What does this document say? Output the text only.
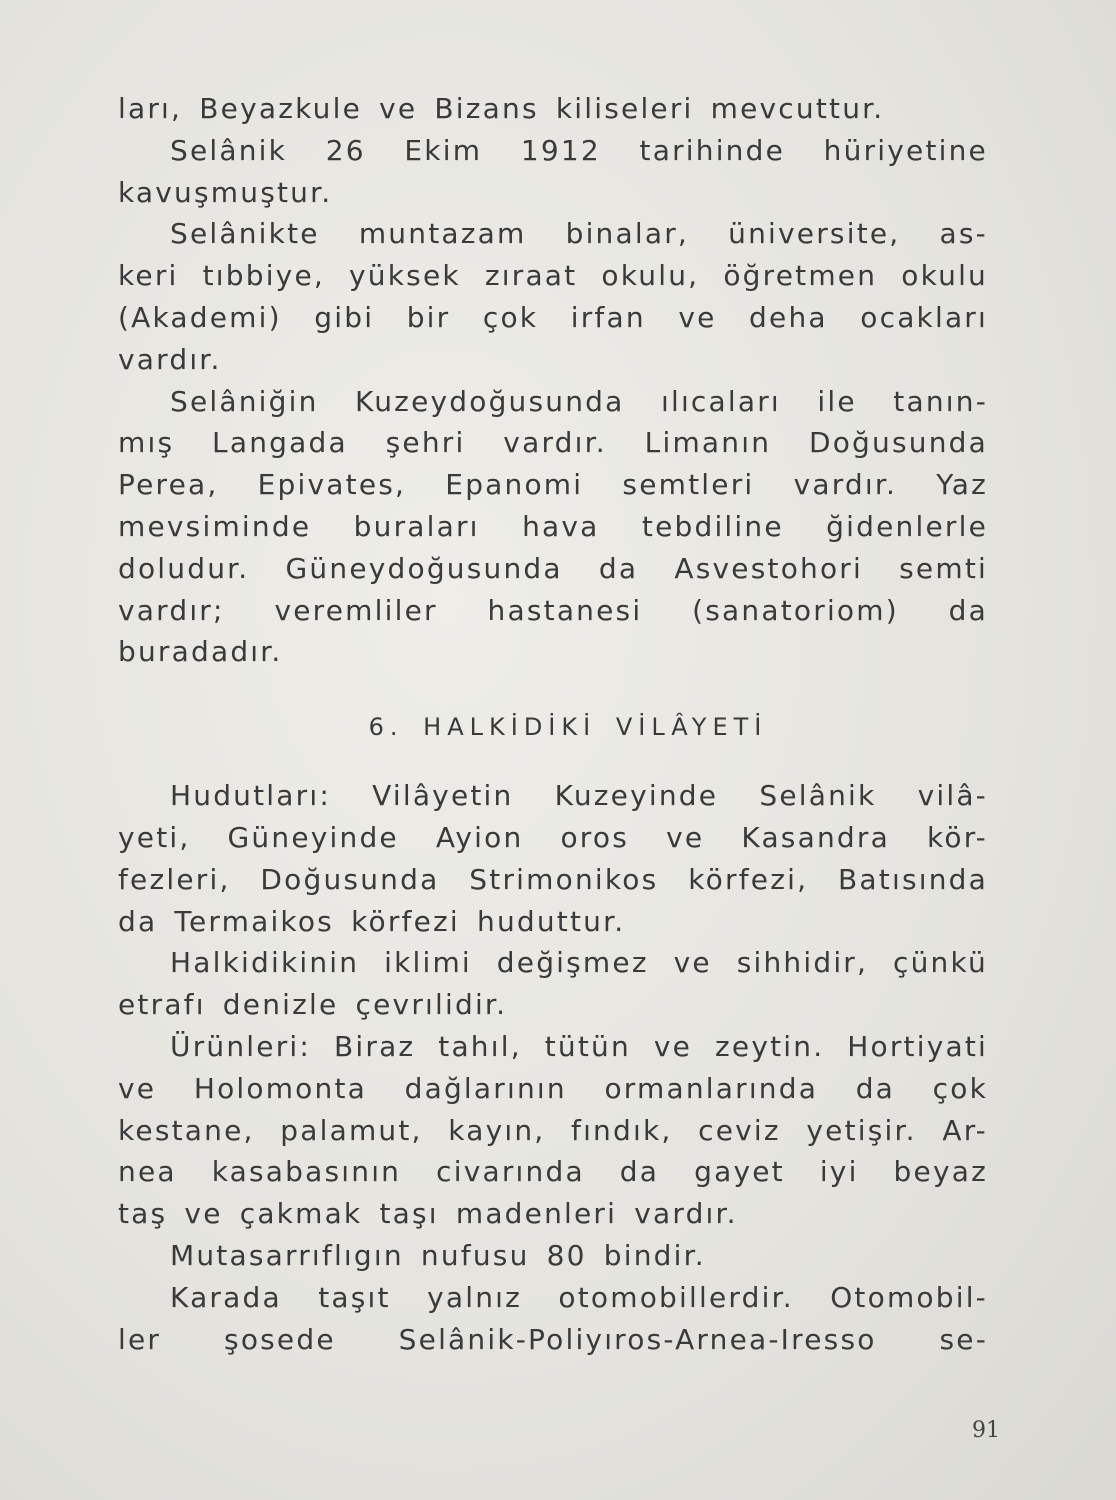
ları, Beyazkule ve Bizans kiliseleri mevcuttur.
Selânik 26 Ekim 1912 tarihinde hüriyetine
kavuşmuştur.
Selânikte muntazam binalar, üniversite, as-
keri tıbbiye, yüksek zıraat okulu, öğretmen okulu
(Akademi) gibi bir çok irfan ve deha ocakları
vardır.
Selâniğin Kuzeydoğusunda ılıcaları ile tanın-
mış Langada şehri vardır. Limanın Doğusunda
Perea, Epivates, Epanomi semtleri vardır. Yaz
mevsiminde buraları hava tebdiline ğidenlerle
doludur. Güneydoğusunda da Asvestohori semti
vardır; veremliler hastanesi (sanatoriom) da
buradadır.
6. HALKİDİKİ VİLÂYETİ
Hudutları: Vilâyetin Kuzeyinde Selânik vilâ-
yeti, Güneyinde Ayion oros ve Kasandra kör-
fezleri, Doğusunda Strimonikos körfezi, Batısında
da Termaikos körfezi huduttur.
Halkidikinin iklimi değişmez ve sihhidir, çünkü
etrafı denizle çevrılidir.
Ürünleri: Biraz tahıl, tütün ve zeytin. Hortiyati
ve Holomonta dağlarının ormanlarında da çok
kestane, palamut, kayın, fındık, ceviz yetişir. Ar-
nea kasabasının civarında da gayet iyi beyaz
taş ve çakmak taşı madenleri vardır.
Mutasarrıflıgın nufusu 80 bindir.
Karada taşıt yalnız otomobillerdir. Otomobil-
ler şosede Selânik-Poliyıros-Arnea-Iresso se-
91
